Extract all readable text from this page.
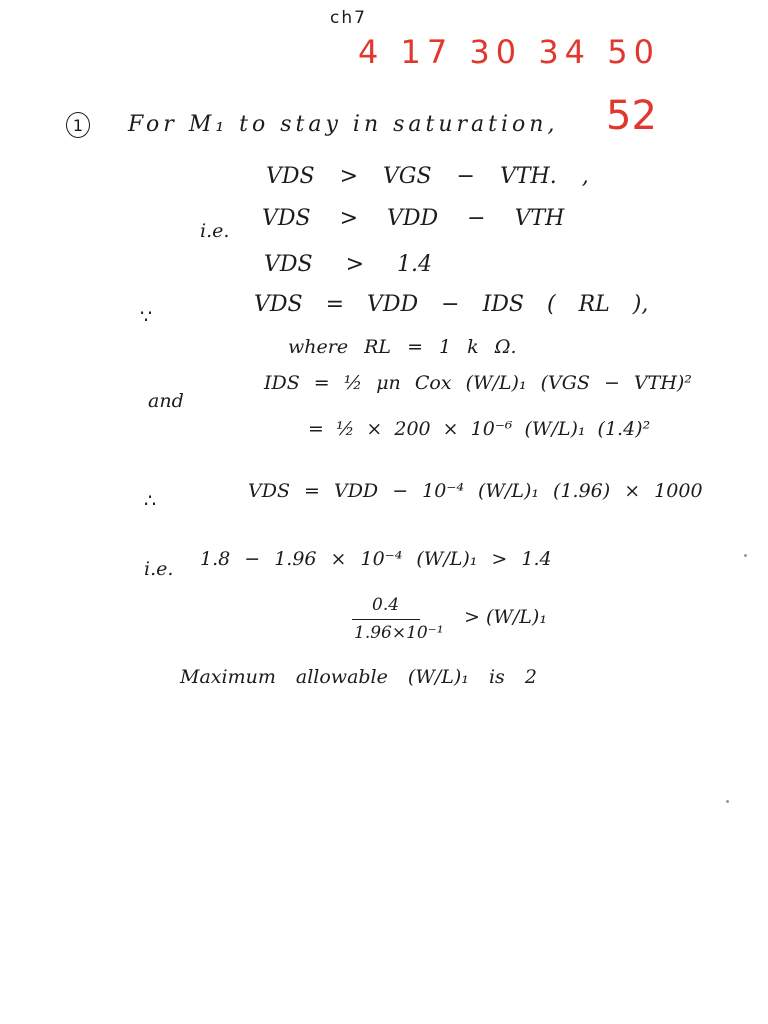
ch7
4 17 30 34 50
52
1 For M₁ to stay in saturation,
VDS > VGS − VTH. ,
i.e. VDS > VDD − VTH
VDS > 1.4
∵	VDS = VDD − IDS ( RL ),
where RL = 1 k Ω.
and
IDS = ½ μn Cox (W/L)₁ (VGS − VTH)²
= ½ × 200 × 10⁻⁶ (W/L)₁ (1.4)²
∴	VDS = VDD − 10⁻⁴ (W/L)₁ (1.96) × 1000
i.e. 1.8 − 1.96 × 10⁻⁴ (W/L)₁ > 1.4
0.4
1.96×10⁻¹
> (W/L)₁
Maximum allowable (W/L)₁ is 2
